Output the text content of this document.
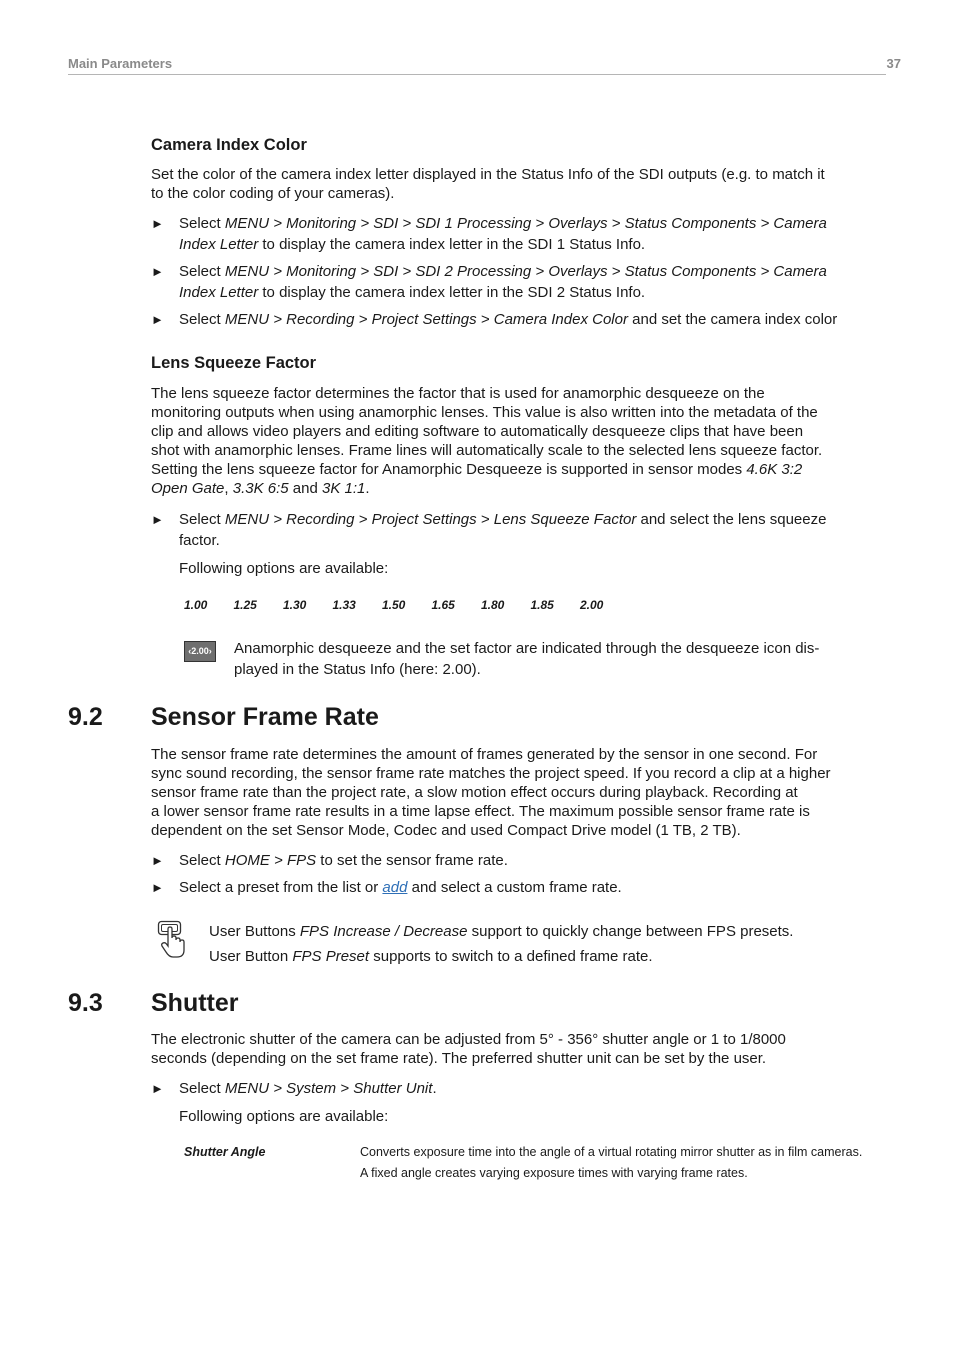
Main Parameters	37
Camera Index Color
Set the color of the camera index letter displayed in the Status Info of the SDI outputs (e.g. to match it
to the color coding of your cameras).
► Select MENU > Monitoring > SDI > SDI 1 Processing > Overlays > Status Components > Camera
Index Letter to display the camera index letter in the SDI 1 Status Info.
► Select MENU > Monitoring > SDI > SDI 2 Processing > Overlays > Status Components > Camera
Index Letter to display the camera index letter in the SDI 2 Status Info.
► Select MENU > Recording > Project Settings > Camera Index Color and set the camera index color
Lens Squeeze Factor
The lens squeeze factor determines the factor that is used for anamorphic desqueeze on the
monitoring outputs when using anamorphic lenses. This value is also written into the metadata of the
clip and allows video players and editing software to automatically desqueeze clips that have been
shot with anamorphic lenses. Frame lines will automatically scale to the selected lens squeeze factor.
Setting the lens squeeze factor for Anamorphic Desqueeze is supported in sensor modes 4.6K 3:2
Open Gate, 3.3K 6:5 and 3K 1:1.
► Select MENU > Recording > Project Settings > Lens Squeeze Factor and select the lens squeeze
factor.
Following options are available:
1.00 1.25 1.30 1.33 1.50 1.65 1.80 1.85 2.00
‹2.00› Anamorphic desqueeze and the set factor are indicated through the desqueeze icon dis-
played in the Status Info (here: 2.00).
9.2 Sensor Frame Rate
The sensor frame rate determines the amount of frames generated by the sensor in one second. For
sync sound recording, the sensor frame rate matches the project speed. If you record a clip at a higher
sensor frame rate than the project rate, a slow motion effect occurs during playback. Recording at
a lower sensor frame rate results in a time lapse effect. The maximum possible sensor frame rate is
dependent on the set Sensor Mode, Codec and used Compact Drive model (1 TB, 2 TB).
► Select HOME > FPS to set the sensor frame rate.
► Select a preset from the list or add and select a custom frame rate.
User Buttons FPS Increase / Decrease support to quickly change between FPS presets.
User Button FPS Preset supports to switch to a defined frame rate.
9.3 Shutter
The electronic shutter of the camera can be adjusted from 5° - 356° shutter angle or 1 to 1/8000
seconds (depending on the set frame rate). The preferred shutter unit can be set by the user.
► Select MENU > System > Shutter Unit.
Following options are available:
Shutter Angle	Converts exposure time into the angle of a virtual rotating mirror shutter as in film cameras.
A fixed angle creates varying exposure times with varying frame rates.
